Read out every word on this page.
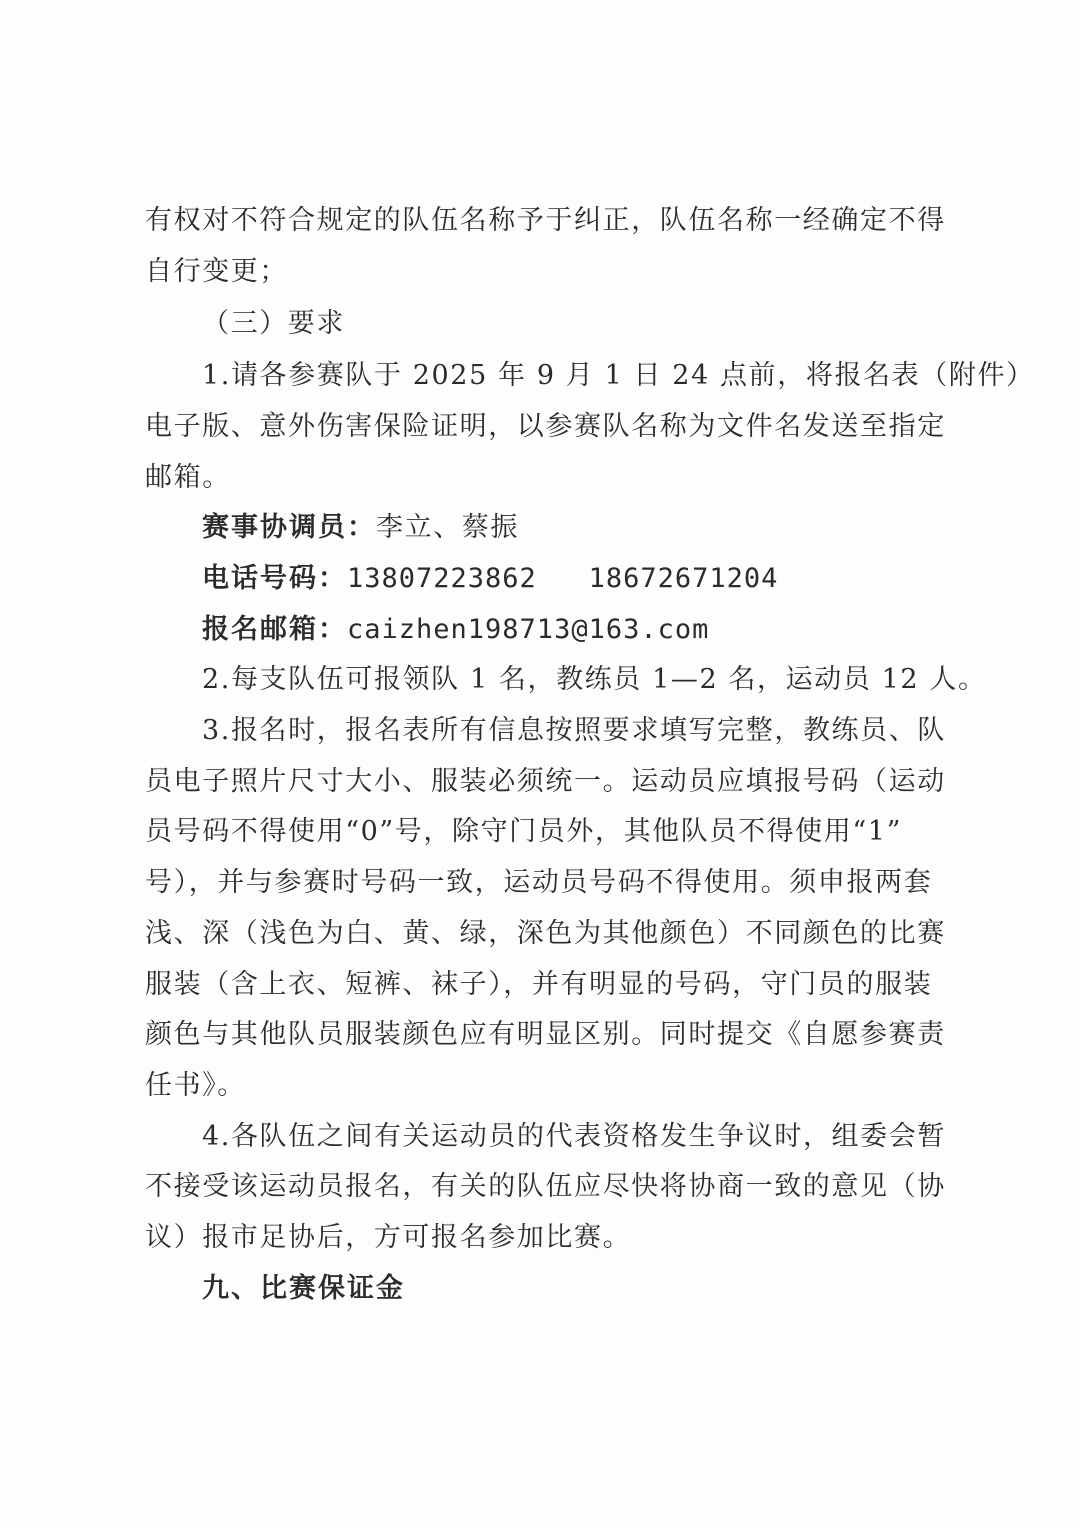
有权对不符合规定的队伍名称予于纠正，队伍名称一经确定不得
自行变更；
（三）要求
1.请各参赛队于 2025 年 9 月 1 日 24 点前，将报名表（附件）
电子版、意外伤害保险证明，以参赛队名称为文件名发送至指定
邮箱。
赛事协调员：李立、蔡振
电话号码：13807223862   18672671204
报名邮箱：caizhen198713@163.com
2.每支队伍可报领队 1 名，教练员 1—2 名，运动员 12 人。
3.报名时，报名表所有信息按照要求填写完整，教练员、队
员电子照片尺寸大小、服装必须统一。运动员应填报号码（运动
员号码不得使用“0”号，除守门员外，其他队员不得使用“1”
号），并与参赛时号码一致，运动员号码不得使用。须申报两套
浅、深（浅色为白、黄、绿，深色为其他颜色）不同颜色的比赛
服装（含上衣、短裤、袜子），并有明显的号码，守门员的服装
颜色与其他队员服装颜色应有明显区别。同时提交《自愿参赛责
任书》。
4.各队伍之间有关运动员的代表资格发生争议时，组委会暂
不接受该运动员报名，有关的队伍应尽快将协商一致的意见（协
议）报市足协后，方可报名参加比赛。
九、比赛保证金
